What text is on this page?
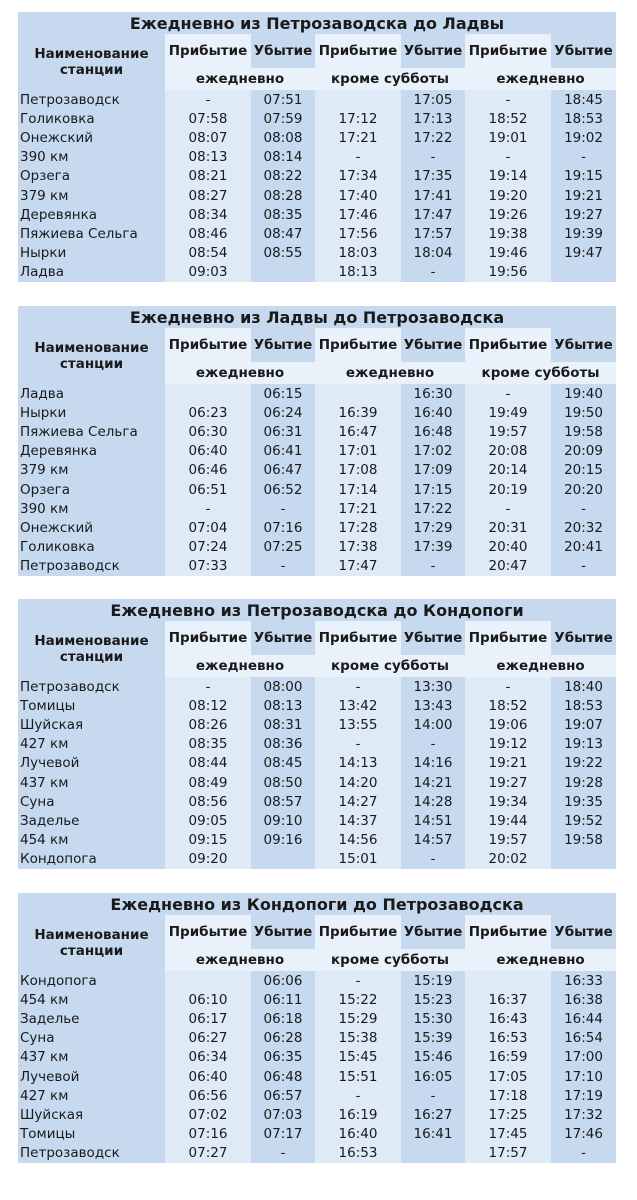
Ежедневно из Петрозаводска до Ладвы						
Наименование станции	Прибытие	Убытие	Прибытие	Убытие	Прибытие	Убытие
	ежедневно		кроме субботы		ежедневно	
Петрозаводск	-	07:51		17:05	-	18:45
Голиковка	07:58	07:59	17:12	17:13	18:52	18:53
Онежский	08:07	08:08	17:21	17:22	19:01	19:02
390 км	08:13	08:14	-	-	-	-
Орзега	08:21	08:22	17:34	17:35	19:14	19:15
379 км	08:27	08:28	17:40	17:41	19:20	19:21
Деревянка	08:34	08:35	17:46	17:47	19:26	19:27
Пяжиева Сельга	08:46	08:47	17:56	17:57	19:38	19:39
Нырки	08:54	08:55	18:03	18:04	19:46	19:47
Ладва	09:03		18:13	-	19:56	
Ежедневно из Ладвы до Петрозаводска						
Наименование станции	Прибытие	Убытие	Прибытие	Убытие	Прибытие	Убытие
	ежедневно		ежедневно		кроме субботы	
Ладва		06:15		16:30	-	19:40
Нырки	06:23	06:24	16:39	16:40	19:49	19:50
Пяжиева Сельга	06:30	06:31	16:47	16:48	19:57	19:58
Деревянка	06:40	06:41	17:01	17:02	20:08	20:09
379 км	06:46	06:47	17:08	17:09	20:14	20:15
Орзега	06:51	06:52	17:14	17:15	20:19	20:20
390 км	-	-	17:21	17:22	-	-
Онежский	07:04	07:16	17:28	17:29	20:31	20:32
Голиковка	07:24	07:25	17:38	17:39	20:40	20:41
Петрозаводск	07:33	-	17:47	-	20:47	-
Ежедневно из Петрозаводска до Кондопоги						
Наименование станции	Прибытие	Убытие	Прибытие	Убытие	Прибытие	Убытие
	ежедневно		кроме субботы		ежедневно	
Петрозаводск	-	08:00	-	13:30	-	18:40
Томицы	08:12	08:13	13:42	13:43	18:52	18:53
Шуйская	08:26	08:31	13:55	14:00	19:06	19:07
427 км	08:35	08:36	-	-	19:12	19:13
Лучевой	08:44	08:45	14:13	14:16	19:21	19:22
437 км	08:49	08:50	14:20	14:21	19:27	19:28
Суна	08:56	08:57	14:27	14:28	19:34	19:35
Заделье	09:05	09:10	14:37	14:51	19:44	19:52
454 км	09:15	09:16	14:56	14:57	19:57	19:58
Кондопога	09:20		15:01	-	20:02	
Ежедневно из Кондопоги до Петрозаводска						
Наименование станции	Прибытие	Убытие	Прибытие	Убытие	Прибытие	Убытие
	ежедневно		кроме субботы		ежедневно	
Кондопога		06:06	-	15:19		16:33
454 км	06:10	06:11	15:22	15:23	16:37	16:38
Заделье	06:17	06:18	15:29	15:30	16:43	16:44
Суна	06:27	06:28	15:38	15:39	16:53	16:54
437 км	06:34	06:35	15:45	15:46	16:59	17:00
Лучевой	06:40	06:48	15:51	16:05	17:05	17:10
427 км	06:56	06:57	-	-	17:18	17:19
Шуйская	07:02	07:03	16:19	16:27	17:25	17:32
Томицы	07:16	07:17	16:40	16:41	17:45	17:46
Петрозаводск	07:27	-	16:53		17:57	-
